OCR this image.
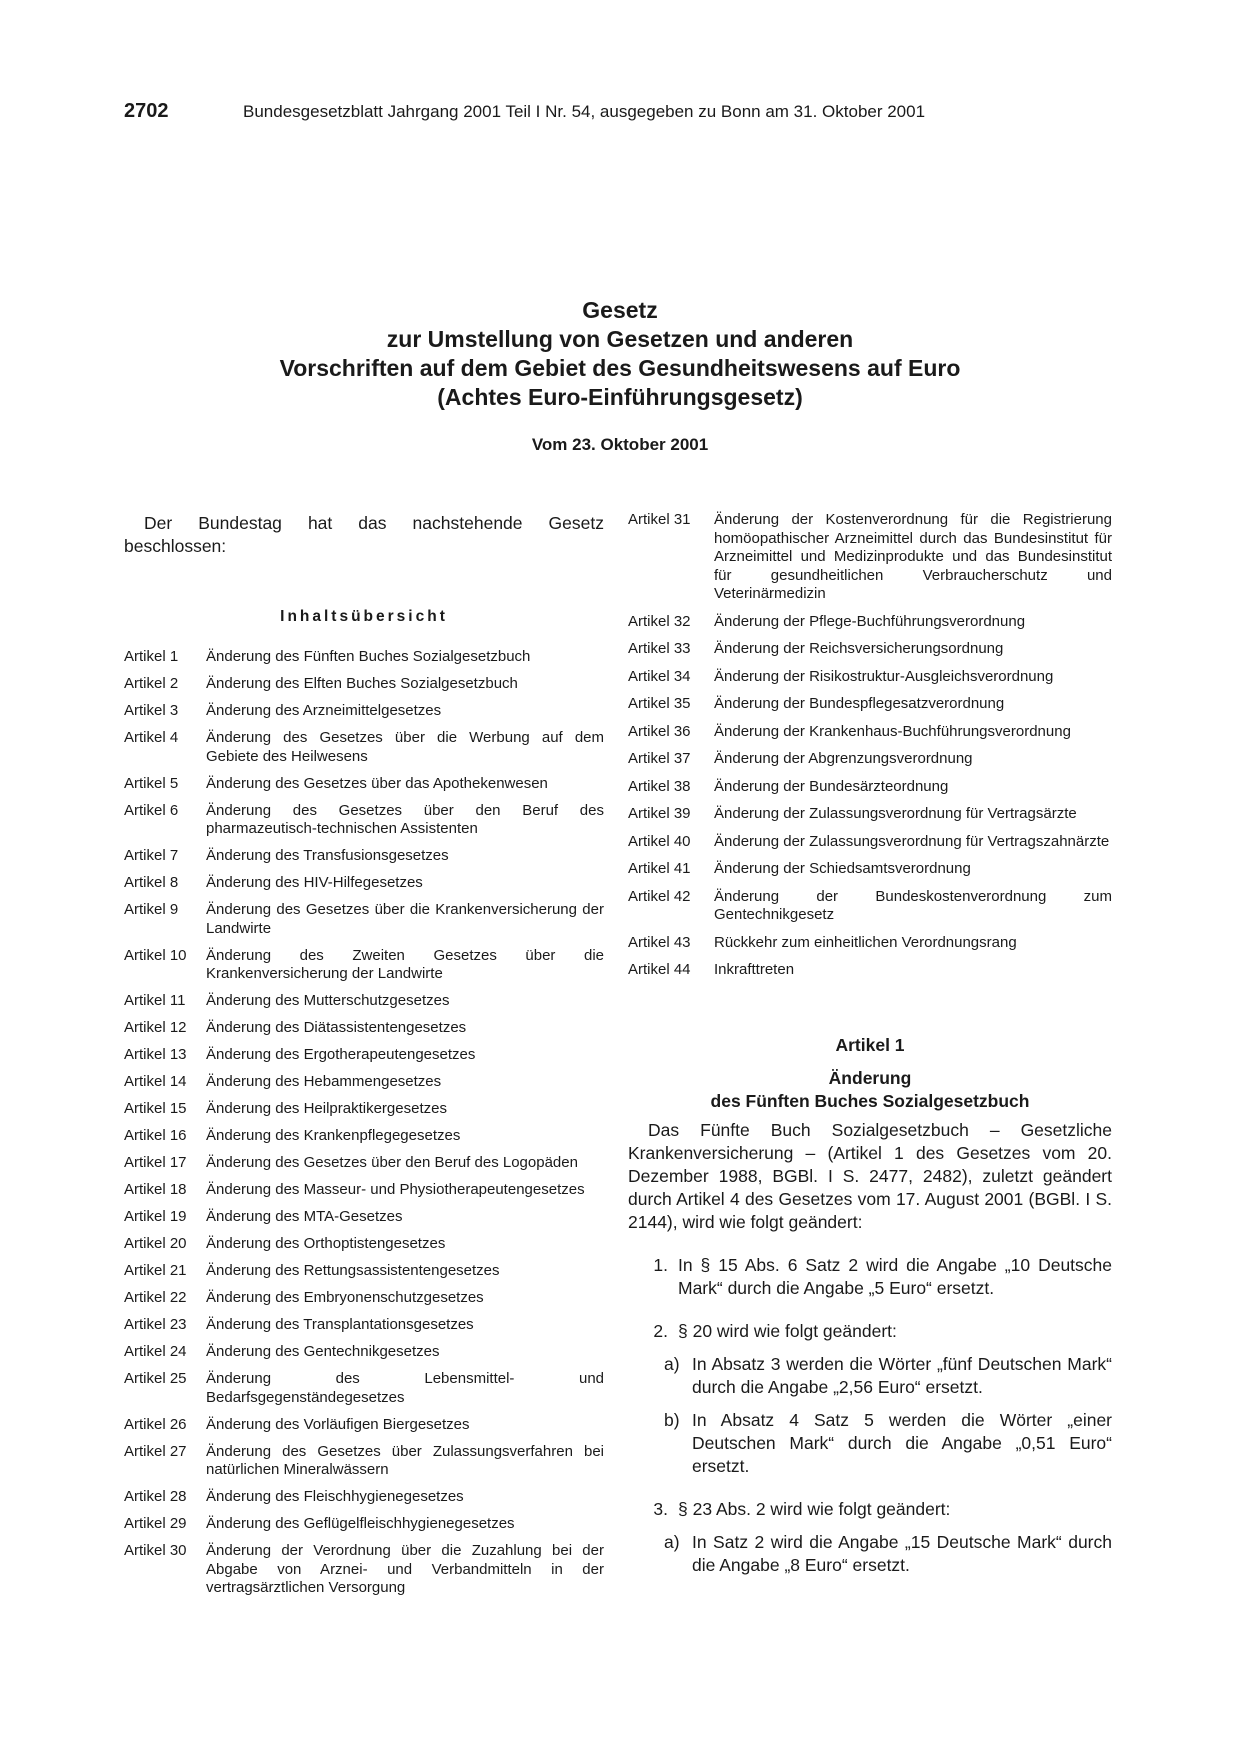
2702	Bundesgesetzblatt Jahrgang 2001 Teil I Nr. 54, ausgegeben zu Bonn am 31. Oktober 2001

Gesetz

zur Umstellung von Gesetzen und anderen

Vorschriften auf dem Gebiet des Gesundheitswesens auf Euro

(Achtes Euro-Einführungsgesetz)

Vom 23. Oktober 2001

Der Bundestag hat das nachstehende Gesetz beschlossen:

Inhaltsübersicht
Artikel 1	Änderung des Fünften Buches Sozialgesetzbuch
Artikel 2	Änderung des Elften Buches Sozialgesetzbuch
Artikel 3	Änderung des Arzneimittelgesetzes
Artikel 4	Änderung des Gesetzes über die Werbung auf dem Gebiete des Heilwesens
Artikel 5	Änderung des Gesetzes über das Apothekenwesen
Artikel 6	Änderung des Gesetzes über den Beruf des pharmazeutisch-technischen Assistenten
Artikel 7	Änderung des Transfusionsgesetzes
Artikel 8	Änderung des HIV-Hilfegesetzes
Artikel 9	Änderung des Gesetzes über die Krankenversicherung der Landwirte
Artikel 10	Änderung des Zweiten Gesetzes über die Krankenversicherung der Landwirte
Artikel 11	Änderung des Mutterschutzgesetzes
Artikel 12	Änderung des Diätassistentengesetzes
Artikel 13	Änderung des Ergotherapeutengesetzes
Artikel 14	Änderung des Hebammengesetzes
Artikel 15	Änderung des Heilpraktikergesetzes
Artikel 16	Änderung des Krankenpflegegesetzes
Artikel 17	Änderung des Gesetzes über den Beruf des Logopäden
Artikel 18	Änderung des Masseur- und Physiotherapeutengesetzes
Artikel 19	Änderung des MTA-Gesetzes
Artikel 20	Änderung des Orthoptistengesetzes
Artikel 21	Änderung des Rettungsassistentengesetzes
Artikel 22	Änderung des Embryonenschutzgesetzes
Artikel 23	Änderung des Transplantationsgesetzes
Artikel 24	Änderung des Gentechnikgesetzes
Artikel 25	Änderung des Lebensmittel- und Bedarfsgegenständegesetzes
Artikel 26	Änderung des Vorläufigen Biergesetzes
Artikel 27	Änderung des Gesetzes über Zulassungsverfahren bei natürlichen Mineralwässern
Artikel 28	Änderung des Fleischhygienegesetzes
Artikel 29	Änderung des Geflügelfleischhygienegesetzes
Artikel 30	Änderung der Verordnung über die Zuzahlung bei der Abgabe von Arznei- und Verbandmitteln in der vertragsärztlichen Versorgung
Artikel 31	Änderung der Kostenverordnung für die Registrierung homöopathischer Arzneimittel durch das Bundesinstitut für Arzneimittel und Medizinprodukte und das Bundesinstitut für gesundheitlichen Verbraucherschutz und Veterinärmedizin
Artikel 32	Änderung der Pflege-Buchführungsverordnung
Artikel 33	Änderung der Reichsversicherungsordnung
Artikel 34	Änderung der Risikostruktur-Ausgleichsverordnung
Artikel 35	Änderung der Bundespflegesatzverordnung
Artikel 36	Änderung der Krankenhaus-Buchführungsverordnung
Artikel 37	Änderung der Abgrenzungsverordnung
Artikel 38	Änderung der Bundesärzteordnung
Artikel 39	Änderung der Zulassungsverordnung für Vertragsärzte
Artikel 40	Änderung der Zulassungsverordnung für Vertragszahnärzte
Artikel 41	Änderung der Schiedsamtsverordnung
Artikel 42	Änderung der Bundeskostenverordnung zum Gentechnikgesetz
Artikel 43	Rückkehr zum einheitlichen Verordnungsrang
Artikel 44	Inkrafttreten
Artikel 1
Änderung
des Fünften Buches Sozialgesetzbuch

Das Fünfte Buch Sozialgesetzbuch – Gesetzliche Krankenversicherung – (Artikel 1 des Gesetzes vom 20. Dezember 1988, BGBl. I S. 2477, 2482), zuletzt geändert durch Artikel 4 des Gesetzes vom 17. August 2001 (BGBl. I S. 2144), wird wie folgt geändert:

1. In § 15 Abs. 6 Satz 2 wird die Angabe „10 Deutsche Mark“ durch die Angabe „5 Euro“ ersetzt.
2. § 20 wird wie folgt geändert:
a) In Absatz 3 werden die Wörter „fünf Deutschen Mark“ durch die Angabe „2,56 Euro“ ersetzt.
b) In Absatz 4 Satz 5 werden die Wörter „einer Deutschen Mark“ durch die Angabe „0,51 Euro“ ersetzt.
3. § 23 Abs. 2 wird wie folgt geändert:
a) In Satz 2 wird die Angabe „15 Deutsche Mark“ durch die Angabe „8 Euro“ ersetzt.
